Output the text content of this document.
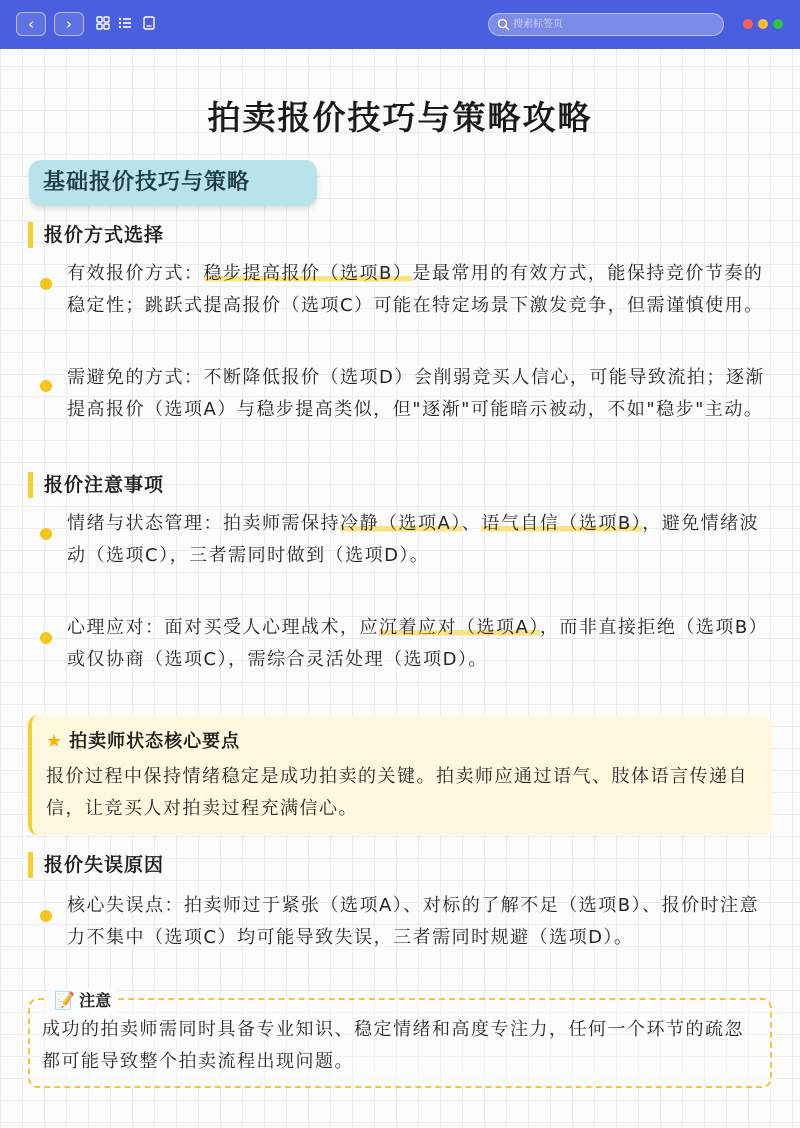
‹	›
搜索标签页
拍卖报价技巧与策略攻略
基础报价技巧与策略
报价方式选择
有效报价方式：稳步提高报价（选项B）是最常用的有效方式，能保持竞价节奏的稳定性；跳跃式提高报价（选项C）可能在特定场景下激发竞争，但需谨慎使用。
需避免的方式：不断降低报价（选项D）会削弱竞买人信心，可能导致流拍；逐渐提高报价（选项A）与稳步提高类似，但"逐渐"可能暗示被动，不如"稳步"主动。
报价注意事项
情绪与状态管理：拍卖师需保持冷静（选项A）、语气自信（选项B），避免情绪波动（选项C），三者需同时做到（选项D）。
心理应对：面对买受人心理战术，应沉着应对（选项A），而非直接拒绝（选项B）或仅协商（选项C），需综合灵活处理（选项D）。
★ 拍卖师状态核心要点
报价过程中保持情绪稳定是成功拍卖的关键。拍卖师应通过语气、肢体语言传递自信，让竞买人对拍卖过程充满信心。
报价失误原因
核心失误点：拍卖师过于紧张（选项A）、对标的了解不足（选项B）、报价时注意力不集中（选项C）均可能导致失误，三者需同时规避（选项D）。
成功的拍卖师需同时具备专业知识、稳定情绪和高度专注力，任何一个环节的疏忽都可能导致整个拍卖流程出现问题。
📝 注意
